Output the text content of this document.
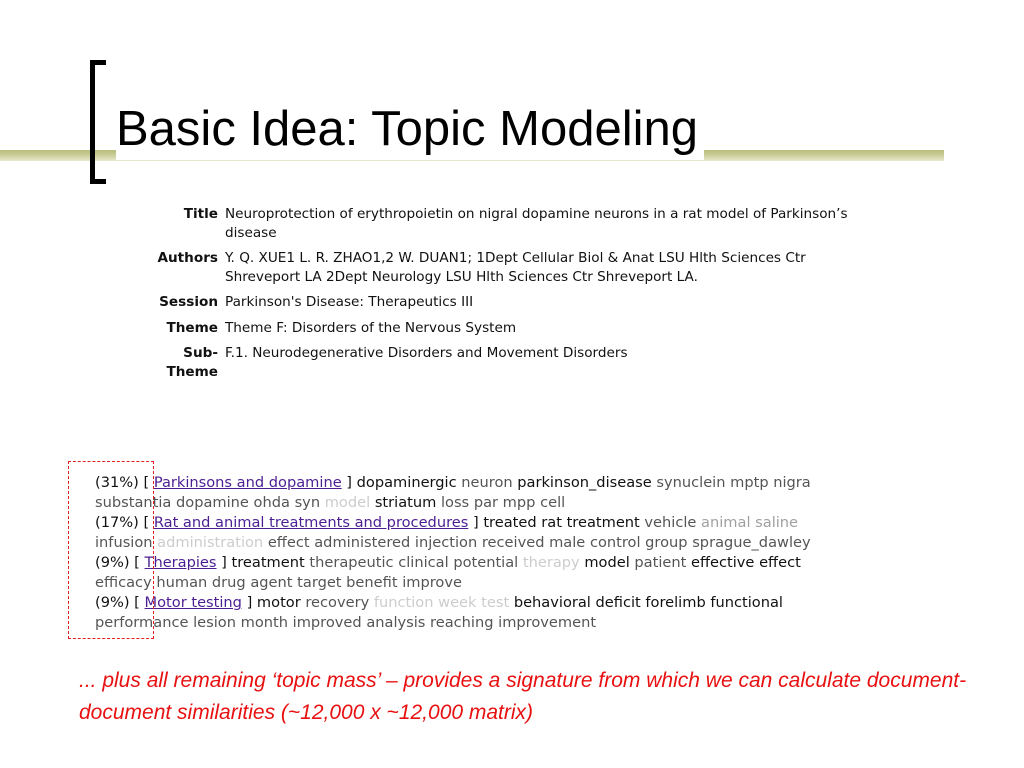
Basic Idea: Topic Modeling
Title Neuroprotection of erythropoietin on nigral dopamine neurons in a rat model of Parkinson’s disease
Authors Y. Q. XUE1 L. R. ZHAO1,2 W. DUAN1; 1Dept Cellular Biol & Anat LSU Hlth Sciences Ctr Shreveport LA 2Dept Neurology LSU Hlth Sciences Ctr Shreveport LA.
Session Parkinson's Disease: Therapeutics III
Theme Theme F: Disorders of the Nervous System
Sub-Theme
F.1. Neurodegenerative Disorders and Movement Disorders
(31%) [ Parkinsons and dopamine ] dopaminergic neuron parkinson_disease synuclein mptp nigra
substantia dopamine ohda syn model striatum loss par mpp cell
(17%) [ Rat and animal treatments and procedures ] treated rat treatment vehicle animal saline
infusion administration effect administered injection received male control group sprague_dawley
(9%) [ Therapies ] treatment therapeutic clinical potential therapy model patient effective effect
efficacy human drug agent target benefit improve
(9%) [ Motor testing ] motor recovery function week test behavioral deficit forelimb functional
performance lesion month improved analysis reaching improvement

... plus all remaining ‘topic mass’ – provides a signature from which we can calculate document-document similarities (~12,000 x ~12,000 matrix)
